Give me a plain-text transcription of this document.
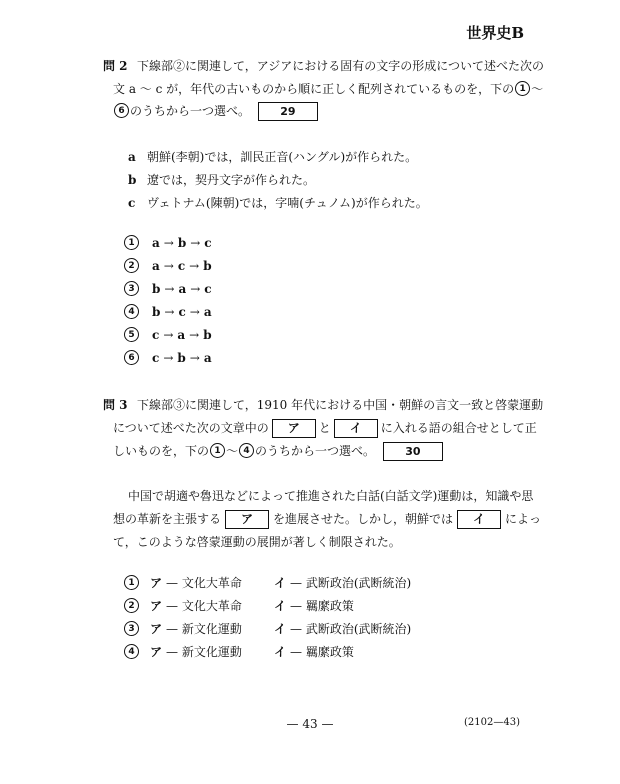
世界史B
問 2 下線部②に関連して，アジアにおける固有の文字の形成について述べた次の
文 a ～ c が，年代の古いものから順に正しく配列されているものを，下の 1 ～
6 のうちから一つ選べ。	29
a 朝鮮(李朝)では，訓民正音(ハングル)が作られた。
b 遼では，契丹文字が作られた。
c ヴェトナム(陳朝)では，字喃(チュノム)が作られた。
1 a → b → c
2 a → c → b
3 b → a → c
4 b → c → a
5 c → a → b
6 c → b → a
問 3 下線部③に関連して，1910 年代における中国・朝鮮の言文一致と啓蒙運動
について述べた次の文章中の ア と イ に入れる語の組合せとして正
しいものを，下の 1 ～ 4 のうちから一つ選べ。	30
中国で胡適や魯迅などによって推進された白話(白話文学)運動は，知識や思
想の革新を主張する ア を進展させた。しかし，朝鮮では イ によっ
て，このような啓蒙運動の展開が著しく制限された。
1 ア — 文化大革命	イ — 武断政治(武断統治)
2 ア — 文化大革命	イ — 羈縻政策
3 ア — 新文化運動	イ — 武断政治(武断統治)
4 ア — 新文化運動	イ — 羈縻政策
— 43 —	(2102—43)
